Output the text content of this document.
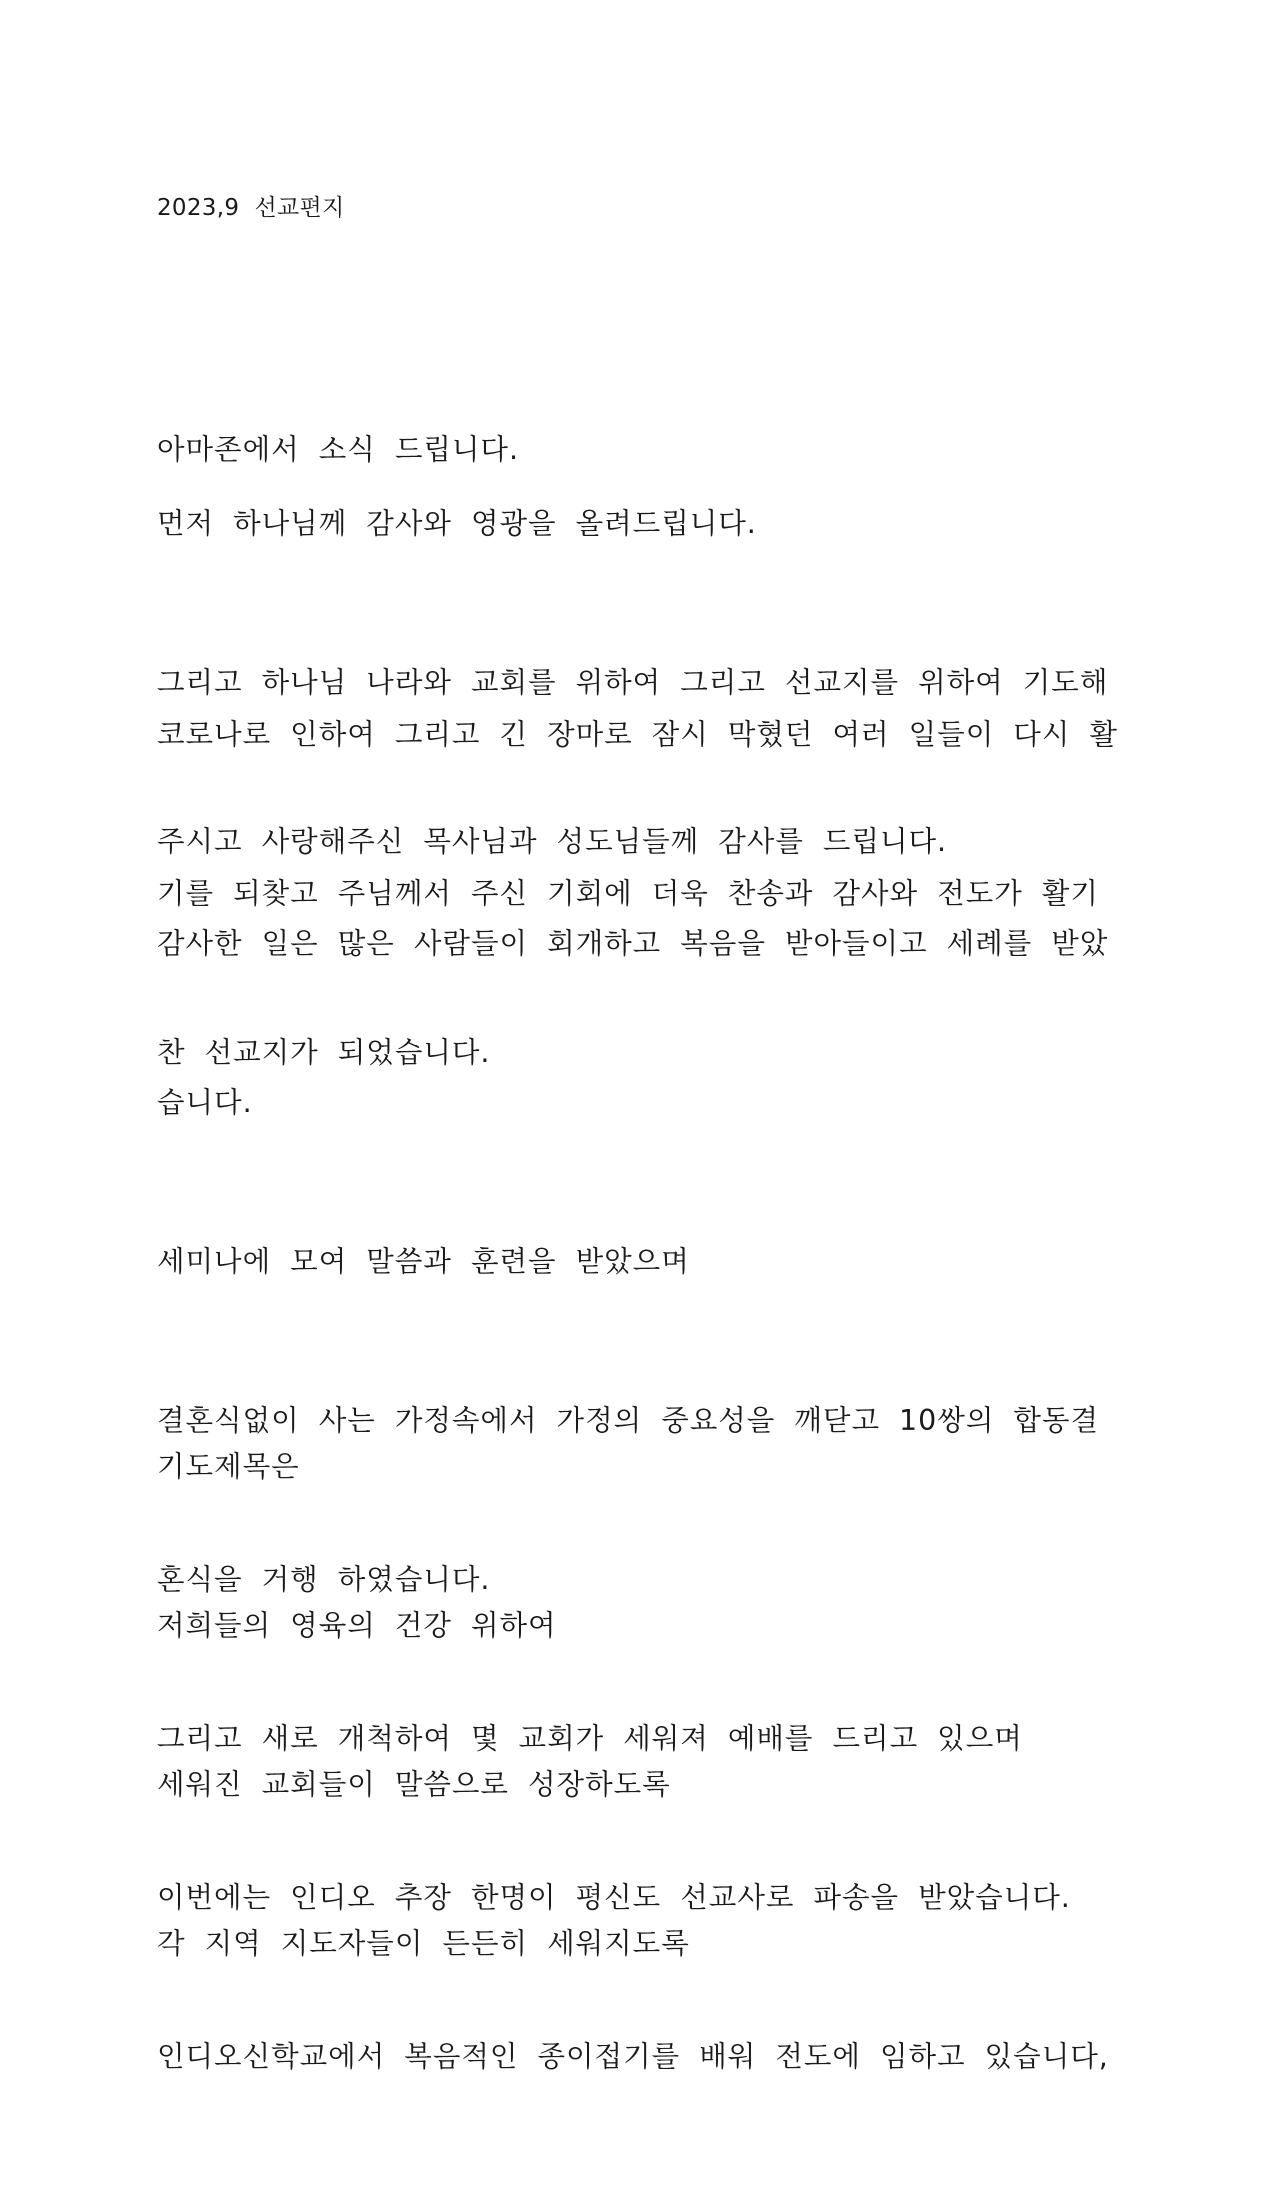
2023,9  선교편지

아마존에서 소식 드립니다.

먼저 하나님께 감사와 영광을 올려드립니다.

그리고 하나님 나라와 교회를 위하여 그리고 선교지를 위하여 기도해

주시고 사랑해주신 목사님과 성도님들께 감사를 드립니다.

코로나로 인하여 그리고 긴 장마로 잠시 막혔던 여러 일들이 다시 활

기를 되찾고 주님께서 주신 기회에 더욱 찬송과 감사와 전도가 활기

찬 선교지가 되었습니다.

감사한 일은 많은 사람들이 회개하고 복음을 받아들이고 세례를 받았

습니다.

세미나에 모여 말씀과 훈련을 받았으며

결혼식없이 사는 가정속에서 가정의 중요성을 깨닫고 10쌍의 합동결

혼식을 거행 하였습니다.

그리고 새로 개척하여 몇 교회가 세워져 예배를 드리고 있으며

이번에는 인디오 추장 한명이 평신도 선교사로 파송을 받았습니다.

인디오신학교에서 복음적인 종이접기를 배워 전도에 임하고 있습니다,

기도제목은

저희들의 영육의 건강 위하여

세워진 교회들이 말씀으로 성장하도록

각 지역 지도자들이 든든히 세워지도록
